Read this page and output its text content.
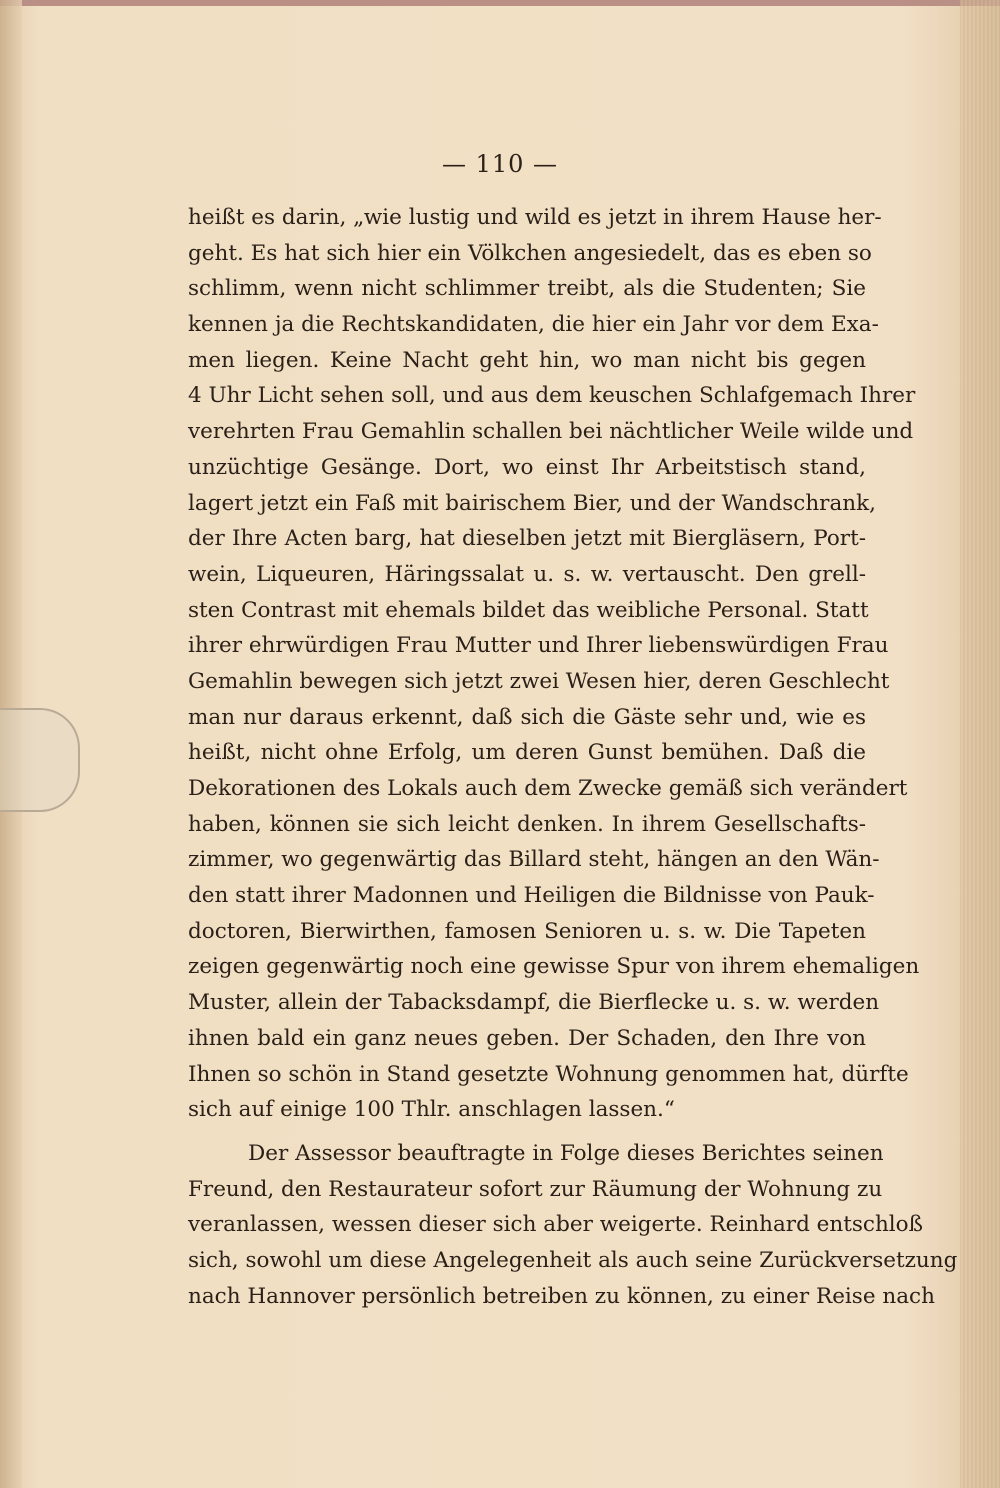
— 110 —
heißt es darin, „wie lustig und wild es jetzt in ihrem Hause her-
geht. Es hat sich hier ein Völkchen angesiedelt, das es eben so
schlimm, wenn nicht schlimmer treibt, als die Studenten; Sie
kennen ja die Rechtskandidaten, die hier ein Jahr vor dem Exa-
men liegen. Keine Nacht geht hin, wo man nicht bis gegen
4 Uhr Licht sehen soll, und aus dem keuschen Schlafgemach Ihrer
verehrten Frau Gemahlin schallen bei nächtlicher Weile wilde und
unzüchtige Gesänge. Dort, wo einst Ihr Arbeitstisch stand,
lagert jetzt ein Faß mit bairischem Bier, und der Wandschrank,
der Ihre Acten barg, hat dieselben jetzt mit Biergläsern, Port-
wein, Liqueuren, Häringssalat u. s. w. vertauscht. Den grell-
sten Contrast mit ehemals bildet das weibliche Personal. Statt
ihrer ehrwürdigen Frau Mutter und Ihrer liebenswürdigen Frau
Gemahlin bewegen sich jetzt zwei Wesen hier, deren Geschlecht
man nur daraus erkennt, daß sich die Gäste sehr und, wie es
heißt, nicht ohne Erfolg, um deren Gunst bemühen. Daß die
Dekorationen des Lokals auch dem Zwecke gemäß sich verändert
haben, können sie sich leicht denken. In ihrem Gesellschafts-
zimmer, wo gegenwärtig das Billard steht, hängen an den Wän-
den statt ihrer Madonnen und Heiligen die Bildnisse von Pauk-
doctoren, Bierwirthen, famosen Senioren u. s. w. Die Tapeten
zeigen gegenwärtig noch eine gewisse Spur von ihrem ehemaligen
Muster, allein der Tabacksdampf, die Bierflecke u. s. w. werden
ihnen bald ein ganz neues geben. Der Schaden, den Ihre von
Ihnen so schön in Stand gesetzte Wohnung genommen hat, dürfte
sich auf einige 100 Thlr. anschlagen lassen.“
Der Assessor beauftragte in Folge dieses Berichtes seinen
Freund, den Restaurateur sofort zur Räumung der Wohnung zu
veranlassen, wessen dieser sich aber weigerte. Reinhard entschloß
sich, sowohl um diese Angelegenheit als auch seine Zurückversetzung
nach Hannover persönlich betreiben zu können, zu einer Reise nach
